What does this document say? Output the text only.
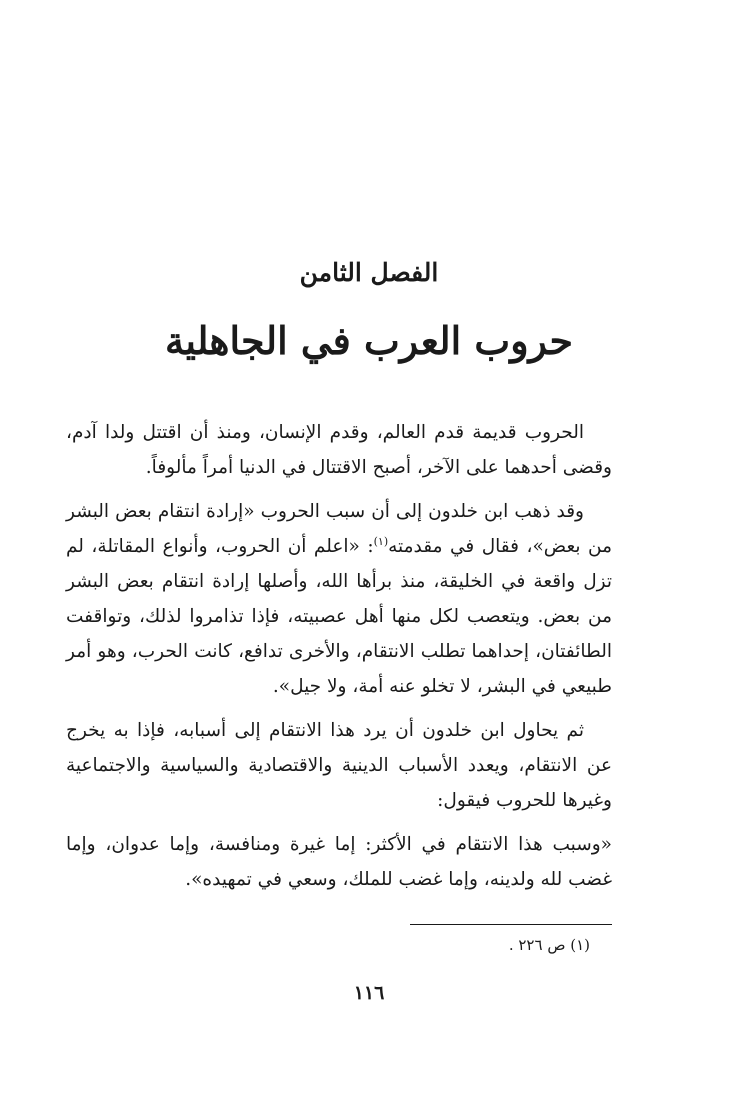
الفصل الثامن
حروب العرب في الجاهلية

الحروب قديمة قدم العالم، وقدم الإنسان، ومنذ أن اقتتل ولدا آدم، وقضى أحدهما على الآخر، أصبح الاقتتال في الدنيا أمراً مألوفاً.

وقد ذهب ابن خلدون إلى أن سبب الحروب «إرادة انتقام بعض البشر من بعض»، فقال في مقدمته$^{(١)}$: «اعلم أن الحروب، وأنواع المقاتلة، لم تزل واقعة في الخليقة، منذ برأها الله، وأصلها إرادة انتقام بعض البشر من بعض. ويتعصب لكل منها أهل عصبيته، فإذا تذامروا لذلك، وتواقفت الطائفتان، إحداهما تطلب الانتقام، والأخرى تدافع، كانت الحرب، وهو أمر طبيعي في البشر، لا تخلو عنه أمة، ولا جيل».

ثم يحاول ابن خلدون أن يرد هذا الانتقام إلى أسبابه، فإذا به يخرج عن الانتقام، ويعدد الأسباب الدينية والاقتصادية والسياسية والاجتماعية وغيرها للحروب فيقول:

«وسبب هذا الانتقام في الأكثر: إما غيرة ومنافسة، وإما عدوان، وإما غضب لله ولدينه، وإما غضب للملك، وسعي في تمهيده».

(١) ص ٢٢٦ .
١١٦
